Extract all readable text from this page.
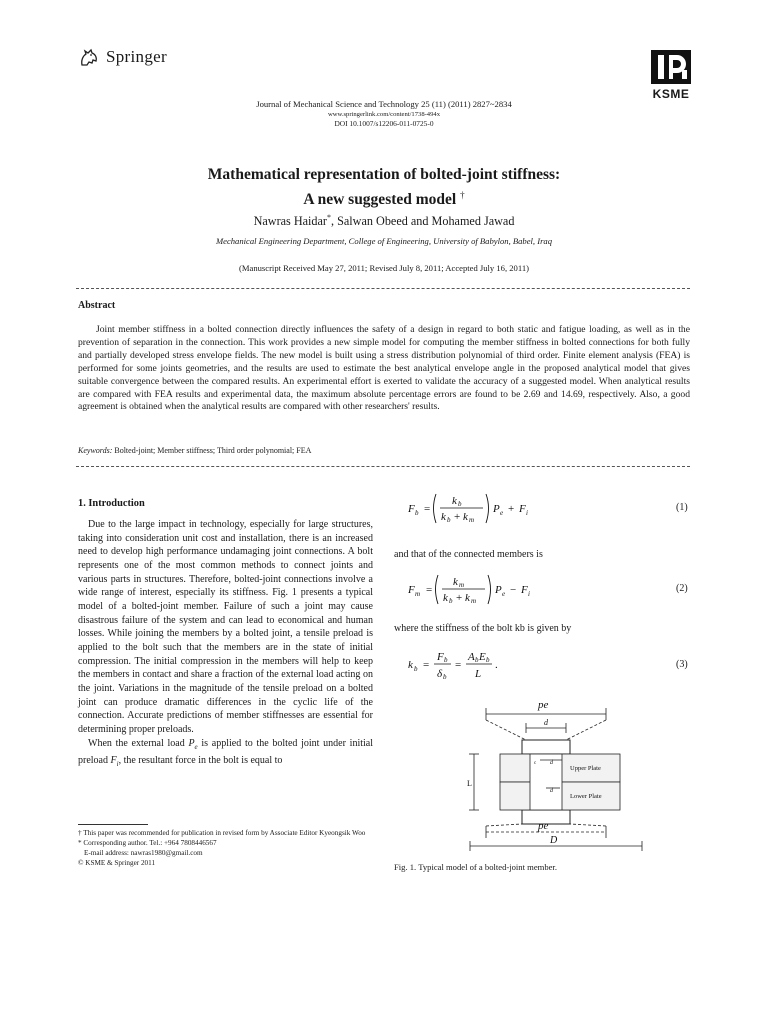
Springer
KSME
Journal of Mechanical Science and Technology 25 (11) (2011) 2827~2834
www.springerlink.com/content/1738-494x
DOI 10.1007/s12206-011-0725-0
Mathematical representation of bolted-joint stiffness:
A new suggested model †
Nawras Haidar*, Salwan Obeed and Mohamed Jawad
Mechanical Engineering Department, College of Engineering, University of Babylon, Babel, Iraq
(Manuscript Received May 27, 2011; Revised July 8, 2011; Accepted July 16, 2011)
Abstract
Joint member stiffness in a bolted connection directly influences the safety of a design in regard to both static and fatigue loading, as well as in the prevention of separation in the connection. This work provides a new simple model for computing the member stiffness in bolted connections for both fully and partially developed stress envelope fields. The new model is built using a stress distribution polynomial of third order. Finite element analysis (FEA) is performed for some joints geometries, and the results are used to estimate the best analytical envelope angle in the proposed analytical model that gives suitable convergence between the compared results. An experimental effort is exerted to validate the accuracy of a suggested model. When analytical results are compared with FEA results and experimental data, the maximum absolute percentage errors are found to be 2.69 and 14.69, respectively. Also, a good agreement is obtained when the analytical results are compared with other researchers' results.
Keywords: Bolted-joint; Member stiffness; Third order polynomial; FEA
1. Introduction

Due to the large impact in technology, especially for large structures, taking into consideration unit cost and installation, there is an increased need to develop high performance undamaging joint connections. A bolt represents one of the most common methods to connect joints and various parts in structures. Therefore, bolted-joint connections involve a wide range of interest, especially its stiffness. Fig. 1 presents a typical model of a bolted-joint member. Failure of such a joint may cause disastrous failure of the system and can lead to economical and human losses. While joining the members by a bolted joint, a tensile preload is applied to the bolt such that the members are in the state of initial compression. The initial compression in the members will help to keep the members in contact and share a fraction of the external load acting on the joint. Variations in the magnitude of the tensile preload on a bolted joint can produce dramatic differences in the cyclic life of the connection. Accurate predictions of member stiffnesses are essential for determining proper preloads.

When the external load $P_e$ is applied to the bolted joint under initial preload $F_i$, the resultant force in the bolt is equal to

† This paper was recommended for publication in revised form by Associate Editor Kyeongsik Woo
* Corresponding author. Tel.: +964 7808446567
E-mail address: nawras1980@gmail.com
© KSME & Springer 2011
F b =
k b
k b + k m
P e + F i	(1)
and that of the connected members is
F m =
k m
k b + k m
P e − F i	(2)
where the stiffness of the bolt kb is given by
k b =
F b
δ b
=
A b E b
L
.	(3)
pe
d
L
Upper Plate
Lower Plate
c d
d
pe
D
Fig. 1. Typical model of a bolted-joint member.
